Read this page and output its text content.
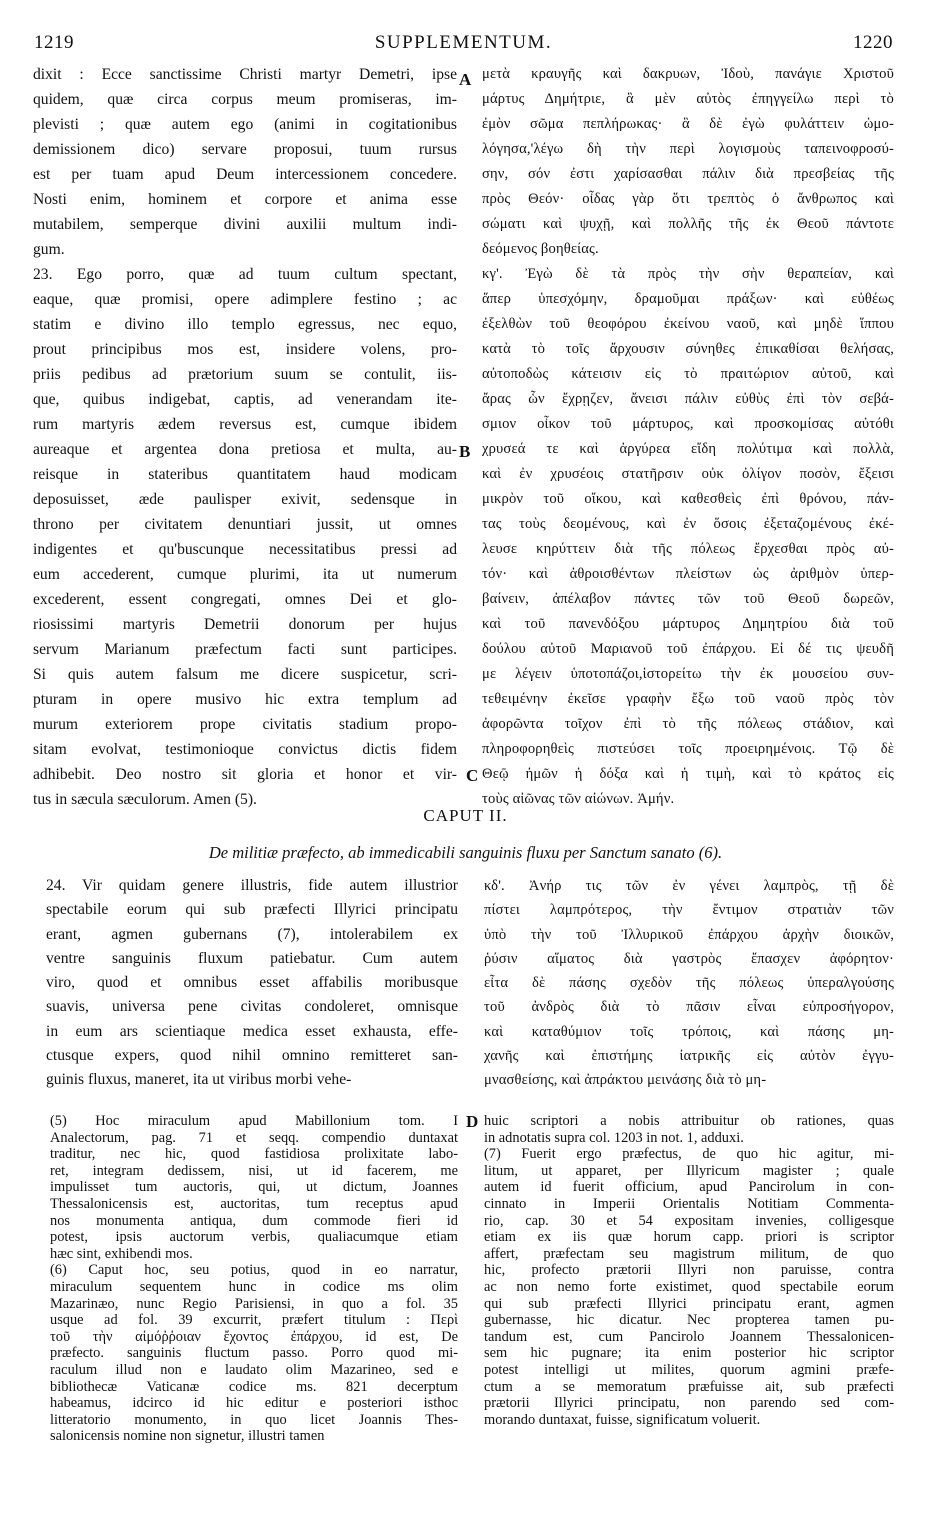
1219	SUPPLEMENTUM.	1220
dixit : Ecce sanctissime Christi martyr Demetri, ipse
quidem, quæ circa corpus meum promiseras, im-
plevisti ; quæ autem ego (animi in cogitationibus
demissionem dico) servare proposui, tuum rursus
est per tuam apud Deum intercessionem concedere.
Nosti enim, hominem et corpore et anima esse
mutabilem, semperque divini auxilii multum indi-
gum.
23. Ego porro, quæ ad tuum cultum spectant,
eaque, quæ promisi, opere adimplere festino ; ac
statim e divino illo templo egressus, nec equo,
prout principibus mos est, insidere volens, pro-
priis pedibus ad prætorium suum se contulit, iis-
que, quibus indigebat, captis, ad venerandam ite-
rum martyris ædem reversus est, cumque ibidem
aureaque et argentea dona pretiosa et multa, au-
reisque in stateribus quantitatem haud modicam
deposuisset, æde paulisper exivit, sedensque in
throno per civitatem denuntiari jussit, ut omnes
indigentes et qu'buscunque necessitatibus pressi ad
eum accederent, cumque plurimi, ita ut numerum
excederent, essent congregati, omnes Dei et glo-
riosissimi martyris Demetrii donorum per hujus
servum Marianum præfectum facti sunt participes.
Si quis autem falsum me dicere suspicetur, scri-
pturam in opere musivo hic extra templum ad
murum exteriorem prope civitatis stadium propo-
sitam evolvat, testimonioque convictus dictis fidem
adhibebit. Deo nostro sit gloria et honor et vir-
tus in sæcula sæculorum. Amen (5).
μετὰ κραυγῆς καὶ δακρυων, Ἰδοὺ, πανάγιε Χριστοῦ
μάρτυς Δημήτριε, ἃ μὲν αὐτὸς ἐπηγγείλω περὶ τὸ
ἐμὸν σῶμα πεπλήρωκας· ἃ δὲ ἐγὼ φυλάττειν ὡμο-
λόγησα,'λέγω δὴ τὴν περὶ λογισμοὺς ταπεινοφροσύ-
σην, σόν ἐστι χαρίσασθαι πάλιν διὰ πρεσβείας τῆς
πρὸς Θεόν· οἶδας γὰρ ὅτι τρεπτὸς ὁ ἄνθρωπος καὶ
σώματι καὶ ψυχῇ, καὶ πολλῆς τῆς ἐκ Θεοῦ πάντοτε
δεόμενος βοηθείας.
κγ'. Ἐγὼ δὲ τὰ πρὸς τὴν σὴν θεραπείαν, καὶ
ἅπερ ὑπεσχόμην, δραμοῦμαι πράξων· καὶ εὐθέως
ἐξελθὼν τοῦ θεοφόρου ἐκείνου ναοῦ, καὶ μηδὲ ἵππου
κατὰ τὸ τοῖς ἄρχουσιν σύνηθες ἐπικαθίσαι θελήσας,
αὐτοποδὼς κάτεισιν εἰς τὸ πραιτώριον αὐτοῦ, καὶ
ἄρας ὧν ἔχρῃζεν, ἄνεισι πάλιν εὐθὺς ἐπὶ τὸν σεβά-
σμιον οἶκον τοῦ μάρτυρος, καὶ προσκομίσας αὐτόθι
χρυσεά τε καὶ ἀργύρεα εἴδη πολύτιμα καὶ πολλὰ,
καὶ ἐν χρυσέοις στατῆρσιν οὐκ ὀλίγον ποσὸν, ἔξεισι
μικρὸν τοῦ οἴκου, καὶ καθεσθεὶς ἐπὶ θρόνου, πάν-
τας τοὺς δεομένους, καὶ ἐν ὅσοις ἐξεταζομένους ἐκέ-
λευσε κηρύττειν διὰ τῆς πόλεως ἔρχεσθαι πρὸς αὐ-
τόν· καὶ ἀθροισθέντων πλείστων ὡς ἀριθμὸν ὑπερ-
βαίνειν, ἀπέλαβον πάντες τῶν τοῦ Θεοῦ δωρεῶν,
καὶ τοῦ πανενδόξου μάρτυρος Δημητρίου διὰ τοῦ
δούλου αὐτοῦ Μαριανοῦ τοῦ ἐπάρχου. Εἰ δέ τις ψευδῆ
με λέγειν ὑποτοπάζοι,ἱστορείτω τὴν ἐκ μουσείου συν-
τεθειμένην ἐκεῖσε γραφὴν ἔξω τοῦ ναοῦ πρὸς τὸν
ἀφορῶντα τοῖχον ἐπὶ τὸ τῆς πόλεως στάδιον, καὶ
πληροφορηθεὶς πιστεύσει τοῖς προειρημένοις. Τῷ δὲ
Θεῷ ἡμῶν ἡ δόξα καὶ ἡ τιμὴ, καὶ τὸ κράτος εἰς
τοὺς αἰῶνας τῶν αἰώνων. Ἀμήν.
A
B
C
CAPUT II.
De militiæ præfecto, ab immedicabili sanguinis fluxu per Sanctum sanato (6).
24. Vir quidam genere illustris, fide autem illustrior
spectabile eorum qui sub præfecti Illyrici principatu
erant, agmen gubernans (7), intolerabilem ex
ventre sanguinis fluxum patiebatur. Cum autem
viro, quod et omnibus esset affabilis moribusque
suavis, universa pene civitas condoleret, omnisque
in eum ars scientiaque medica esset exhausta, effe-
ctusque expers, quod nihil omnino remitteret san-
guinis fluxus, maneret, ita ut viribus morbi vehe-
κδ'. Ἀνήρ τις τῶν ἐν γένει λαμπρὸς, τῇ δὲ
πίστει λαμπρότερος, τὴν ἔντιμον στρατιὰν τῶν
ὑπὸ τὴν τοῦ Ἰλλυρικοῦ ἐπάρχου ἀρχὴν διοικῶν,
ῥύσιν αἵματος διὰ γαστρὸς ἔπασχεν ἀφόρητον·
εἶτα δὲ πάσης σχεδὸν τῆς πόλεως ὑπεραλγούσης
τοῦ ἀνδρὸς διὰ τὸ πᾶσιν εἶναι εὐπροσήγορον,
καὶ καταθύμιον τοῖς τρόποις, καὶ πάσης μη-
χανῆς καὶ ἐπιστήμης ἰατρικῆς εἰς αὐτὸν ἐγγυ-
μνασθείσης, καὶ ἀπράκτου μεινάσης διὰ τὸ μη-
D
(5) Hoc miraculum apud Mabillonium tom. I
Analectorum, pag. 71 et seqq. compendio duntaxat
traditur, nec hic, quod fastidiosa prolixitate labo-
ret, integram dedissem, nisi, ut id facerem, me
impulisset tum auctoris, qui, ut dictum, Joannes
Thessalonicensis est, auctoritas, tum receptus apud
nos monumenta antiqua, dum commode fieri id
potest, ipsis auctorum verbis, qualiacumque etiam
hæc sint, exhibendi mos.
(6) Caput hoc, seu potius, quod in eo narratur,
miraculum sequentem hunc in codice ms olim
Mazarinæo, nunc Regio Parisiensi, in quo a fol. 35
usque ad fol. 39 excurrit, præfert titulum : Περὶ
τοῦ τὴν αἱμόῤῥοιαν ἔχοντος ἐπάρχου, id est, De
præfecto. sanguinis fluctum passo. Porro quod mi-
raculum illud non e laudato olim Mazarineo, sed e
bibliothecæ Vaticanæ codice ms. 821 decerptum
habeamus, idcirco id hic editur e posteriori isthoc
litteratorio monumento, in quo licet Joannis Thes-
salonicensis nomine non signetur, illustri tamen
huic scriptori a nobis attribuitur ob rationes, quas
in adnotatis supra col. 1203 in not. 1, adduxi.
(7) Fuerit ergo præfectus, de quo hic agitur, mi-
litum, ut apparet, per Illyricum magister ; quale
autem id fuerit officium, apud Pancirolum in con-
cinnato in Imperii Orientalis Notitiam Commenta-
rio, cap. 30 et 54 expositam invenies, colligesque
etiam ex iis quæ horum capp. priori is scriptor
affert, præfectam seu magistrum militum, de quo
hic, profecto prætorii Illyri non paruisse, contra
ac non nemo forte existimet, quod spectabile eorum
qui sub præfecti Illyrici principatu erant, agmen
gubernasse, hic dicatur. Nec propterea tamen pu-
tandum est, cum Pancirolo Joannem Thessalonicen-
sem hic pugnare; ita enim posterior hic scriptor
potest intelligi ut milites, quorum agmini præfe-
ctum a se memoratum præfuisse ait, sub præfecti
prætorii Illyrici principatu, non parendo sed com-
morando duntaxat, fuisse, significatum voluerit.
